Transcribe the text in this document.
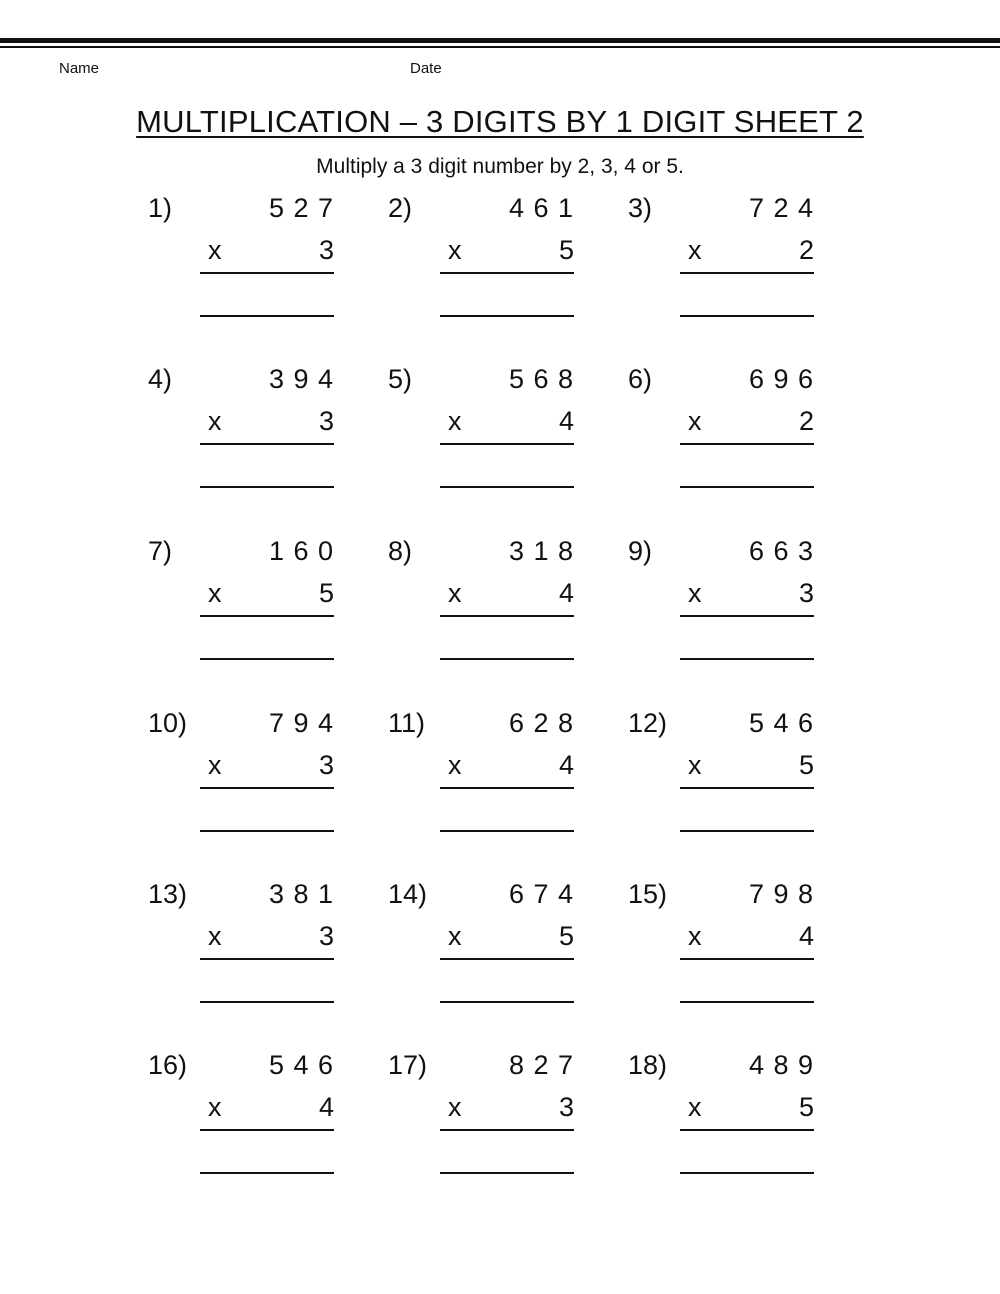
Name	Date
MULTIPLICATION – 3 DIGITS BY 1 DIGIT SHEET 2
Multiply a 3 digit number by 2, 3, 4 or 5.
1)	5 2 7
x	3
2)	4 6 1
x	5
3)	7 2 4
x	2
4)	3 9 4
x	3
5)	5 6 8
x	4
6)	6 9 6
x	2
7)	1 6 0
x	5
8)	3 1 8
x	4
9)	6 6 3
x	3
10)	7 9 4
x	3
11)	6 2 8
x	4
12)	5 4 6
x	5
13)	3 8 1
x	3
14)	6 7 4
x	5
15)	7 9 8
x	4
16)	5 4 6
x	4
17)	8 2 7
x	3
18)	4 8 9
x	5
